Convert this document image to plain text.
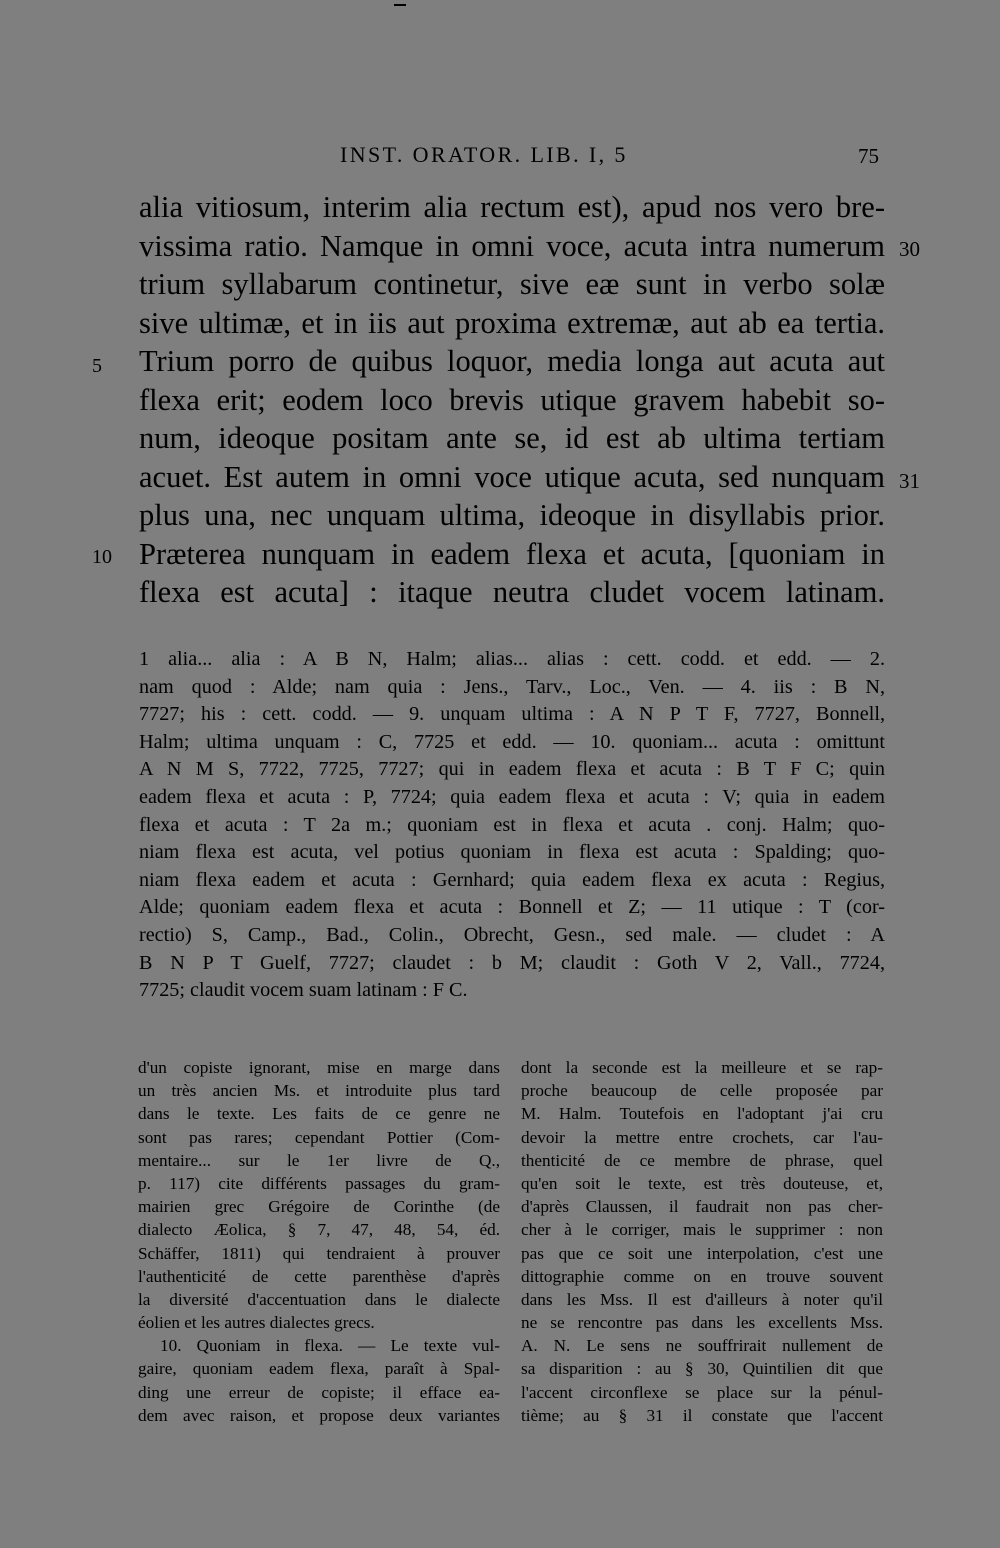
INST. ORATOR. LIB. I, 5	75
5
10
30
31
alia vitiosum, interim alia rectum est), apud nos vero bre-
vissima ratio. Namque in omni voce, acuta intra numerum
trium syllabarum continetur, sive eæ sunt in verbo solæ
sive ultimæ, et in iis aut proxima extremæ, aut ab ea tertia.
Trium porro de quibus loquor, media longa aut acuta aut
flexa erit; eodem loco brevis utique gravem habebit so-
num, ideoque positam ante se, id est ab ultima tertiam
acuet. Est autem in omni voce utique acuta, sed nunquam
plus una, nec unquam ultima, ideoque in disyllabis prior.
Præterea nunquam in eadem flexa et acuta, [quoniam in
flexa est acuta] : itaque neutra cludet vocem latinam.
1 alia... alia : A B N, Halm; alias... alias : cett. codd. et edd. — 2.
nam quod : Alde; nam quia : Jens., Tarv., Loc., Ven. — 4. iis : B N,
7727; his : cett. codd. — 9. unquam ultima : A N P T F, 7727, Bonnell,
Halm; ultima unquam : C, 7725 et edd. — 10. quoniam... acuta : omittunt
A N M S, 7722, 7725, 7727; qui in eadem flexa et acuta : B T F C; quin
eadem flexa et acuta : P, 7724; quia eadem flexa et acuta : V; quia in eadem
flexa et acuta : T 2a m.; quoniam est in flexa et acuta . conj. Halm; quo-
niam flexa est acuta, vel potius quoniam in flexa est acuta : Spalding; quo-
niam flexa eadem et acuta : Gernhard; quia eadem flexa ex acuta : Regius,
Alde; quoniam eadem flexa et acuta : Bonnell et Z; — 11 utique : T (cor-
rectio) S, Camp., Bad., Colin., Obrecht, Gesn., sed male. — cludet : A
B N P T Guelf, 7727; claudet : b M; claudit : Goth V 2, Vall., 7724,
7725; claudit vocem suam latinam : F C.
d'un copiste ignorant, mise en marge dans
un très ancien Ms. et introduite plus tard
dans le texte. Les faits de ce genre ne
sont pas rares; cependant Pottier (Com-
mentaire... sur le 1er livre de Q.,
p. 117) cite différents passages du gram-
mairien grec Grégoire de Corinthe (de
dialecto Æolica, § 7, 47, 48, 54, éd.
Schäffer, 1811) qui tendraient à prouver
l'authenticité de cette parenthèse d'après
la diversité d'accentuation dans le dialecte
éolien et les autres dialectes grecs.
10. Quoniam in flexa. — Le texte vul-
gaire, quoniam eadem flexa, paraît à Spal-
ding une erreur de copiste; il efface ea-
dem avec raison, et propose deux variantes
dont la seconde est la meilleure et se rap-
proche beaucoup de celle proposée par
M. Halm. Toutefois en l'adoptant j'ai cru
devoir la mettre entre crochets, car l'au-
thenticité de ce membre de phrase, quel
qu'en soit le texte, est très douteuse, et,
d'après Claussen, il faudrait non pas cher-
cher à le corriger, mais le supprimer : non
pas que ce soit une interpolation, c'est une
dittographie comme on en trouve souvent
dans les Mss. Il est d'ailleurs à noter qu'il
ne se rencontre pas dans les excellents Mss.
A. N. Le sens ne souffrirait nullement de
sa disparition : au § 30, Quintilien dit que
l'accent circonflexe se place sur la pénul-
tième; au § 31 il constate que l'accent
